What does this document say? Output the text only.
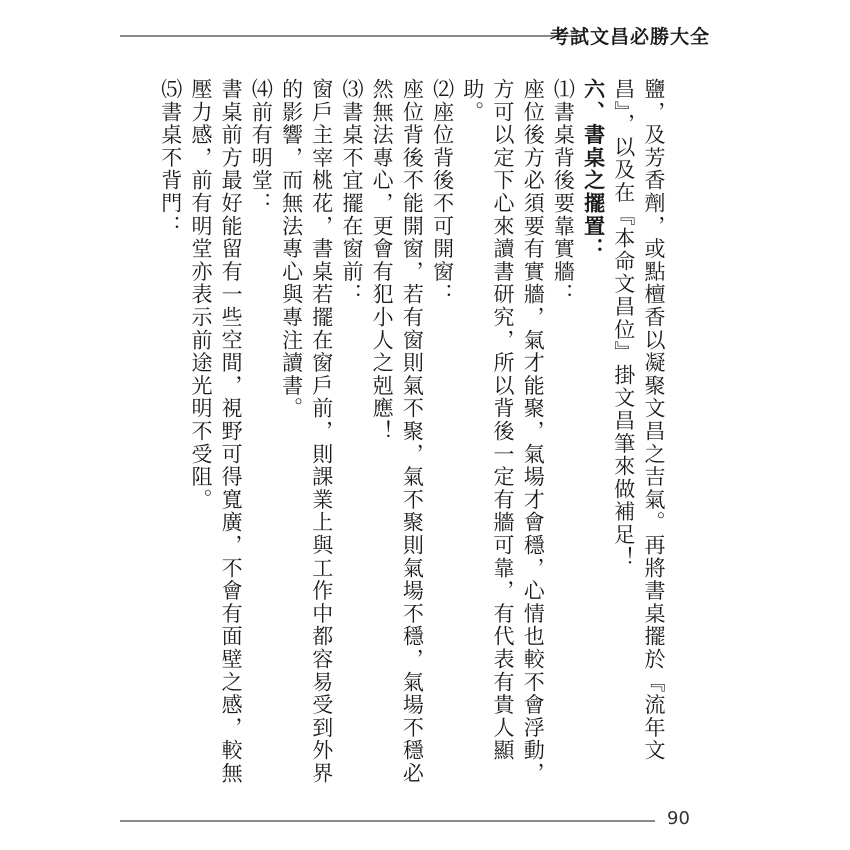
考試文昌必勝大全

鹽，及芳香劑，或點檀香以凝聚文昌之吉氣。再將書桌擺於『流年文昌』，以及在『本命文昌位』掛文昌筆來做補足！

六、書桌之擺置：

⑴書桌背後要靠實牆：

座位後方必須要有實牆，氣才能聚，氣場才會穩，心情也較不會浮動，方可以定下心來讀書研究，所以背後一定有牆可靠，有代表有貴人顯助。

⑵座位背後不可開窗：

座位背後不能開窗，若有窗則氣不聚，氣不聚則氣場不穩，氣場不穩必然無法專心，更會有犯小人之剋應！

⑶書桌不宜擺在窗前：

窗戶主宰桃花，書桌若擺在窗戶前，則課業上與工作中都容易受到外界的影響，而無法專心與專注讀書。

⑷前有明堂：

書桌前方最好能留有一些空間，視野可得寬廣，不會有面壁之感，較無壓力感，前有明堂亦表示前途光明不受阻。

⑸書桌不背門：

90
